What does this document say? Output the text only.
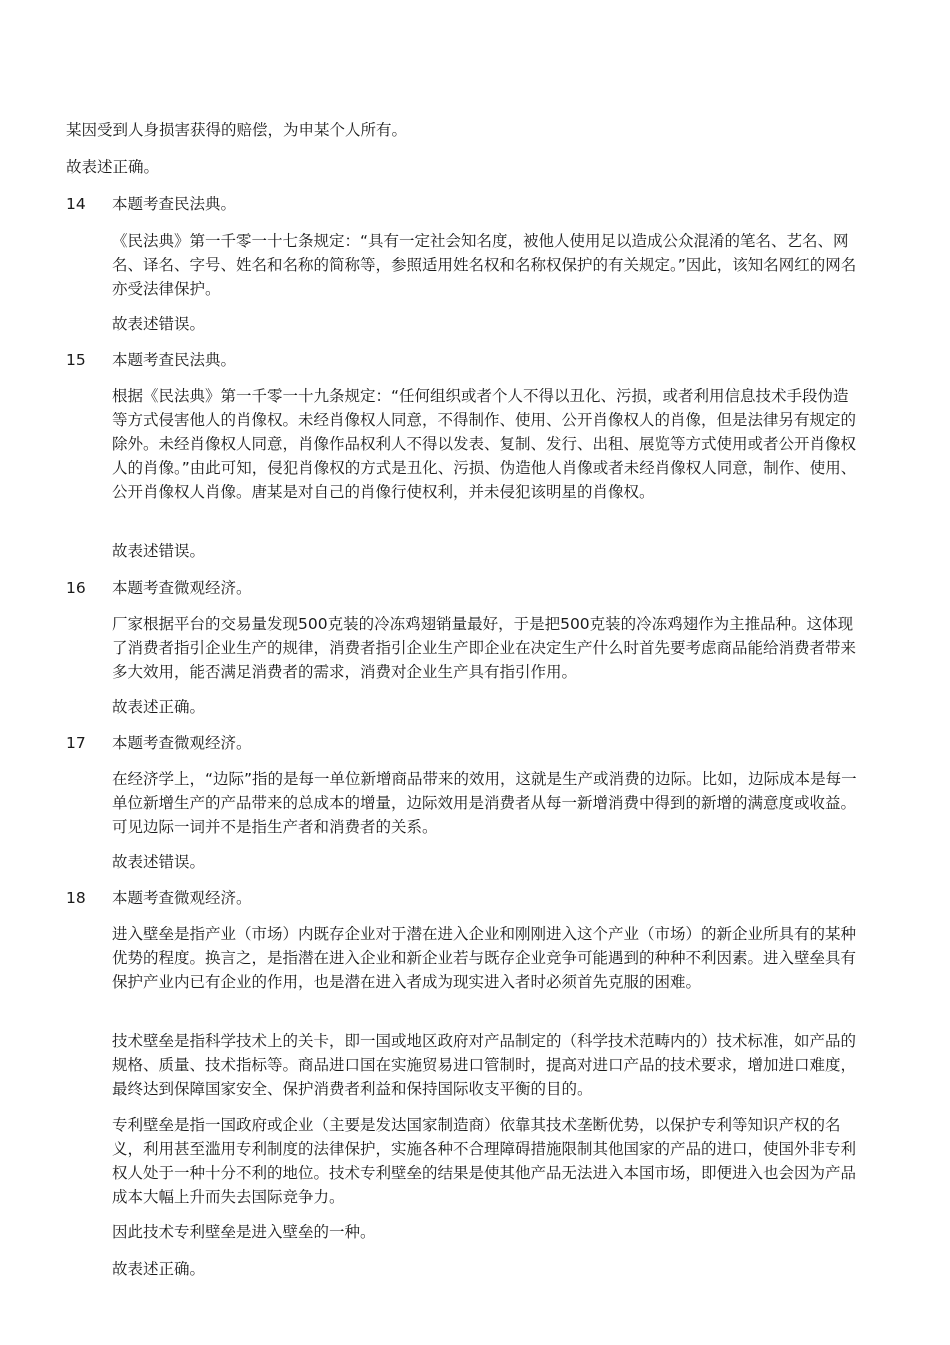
某因受到人身损害获得的赔偿，为申某个人所有。

故表述正确。

14	本题考查民法典。

《民法典》第一千零一十七条规定：“具有一定社会知名度，被他人使用足以造成公众混淆的笔名、艺名、网名、译名、字号、姓名和名称的简称等，参照适用姓名权和名称权保护的有关规定。”因此，该知名网红的网名亦受法律保护。

故表述错误。

15	本题考查民法典。

根据《民法典》第一千零一十九条规定：“任何组织或者个人不得以丑化、污损，或者利用信息技术手段伪造等方式侵害他人的肖像权。未经肖像权人同意，不得制作、使用、公开肖像权人的肖像，但是法律另有规定的除外。未经肖像权人同意，肖像作品权利人不得以发表、复制、发行、出租、展览等方式使用或者公开肖像权人的肖像。”由此可知，侵犯肖像权的方式是丑化、污损、伪造他人肖像或者未经肖像权人同意，制作、使用、公开肖像权人肖像。唐某是对自己的肖像行使权利，并未侵犯该明星的肖像权。

故表述错误。

16	本题考查微观经济。

厂家根据平台的交易量发现500克装的冷冻鸡翅销量最好，于是把500克装的冷冻鸡翅作为主推品种。这体现了消费者指引企业生产的规律，消费者指引企业生产即企业在决定生产什么时首先要考虑商品能给消费者带来多大效用，能否满足消费者的需求，消费对企业生产具有指引作用。

故表述正确。

17	本题考查微观经济。

在经济学上，“边际”指的是每一单位新增商品带来的效用，这就是生产或消费的边际。比如，边际成本是每一单位新增生产的产品带来的总成本的增量，边际效用是消费者从每一新增消费中得到的新增的满意度或收益。可见边际一词并不是指生产者和消费者的关系。

故表述错误。

18	本题考查微观经济。

进入壁垒是指产业（市场）内既存企业对于潜在进入企业和刚刚进入这个产业（市场）的新企业所具有的某种优势的程度。换言之，是指潜在进入企业和新企业若与既存企业竞争可能遇到的种种不利因素。进入壁垒具有保护产业内已有企业的作用，也是潜在进入者成为现实进入者时必须首先克服的困难。

技术壁垒是指科学技术上的关卡，即一国或地区政府对产品制定的（科学技术范畴内的）技术标准，如产品的规格、质量、技术指标等。商品进口国在实施贸易进口管制时，提高对进口产品的技术要求，增加进口难度，最终达到保障国家安全、保护消费者利益和保持国际收支平衡的目的。

专利壁垒是指一国政府或企业（主要是发达国家制造商）依靠其技术垄断优势，以保护专利等知识产权的名义，利用甚至滥用专利制度的法律保护，实施各种不合理障碍措施限制其他国家的产品的进口，使国外非专利权人处于一种十分不利的地位。技术专利壁垒的结果是使其他产品无法进入本国市场，即便进入也会因为产品成本大幅上升而失去国际竞争力。

因此技术专利壁垒是进入壁垒的一种。

故表述正确。
